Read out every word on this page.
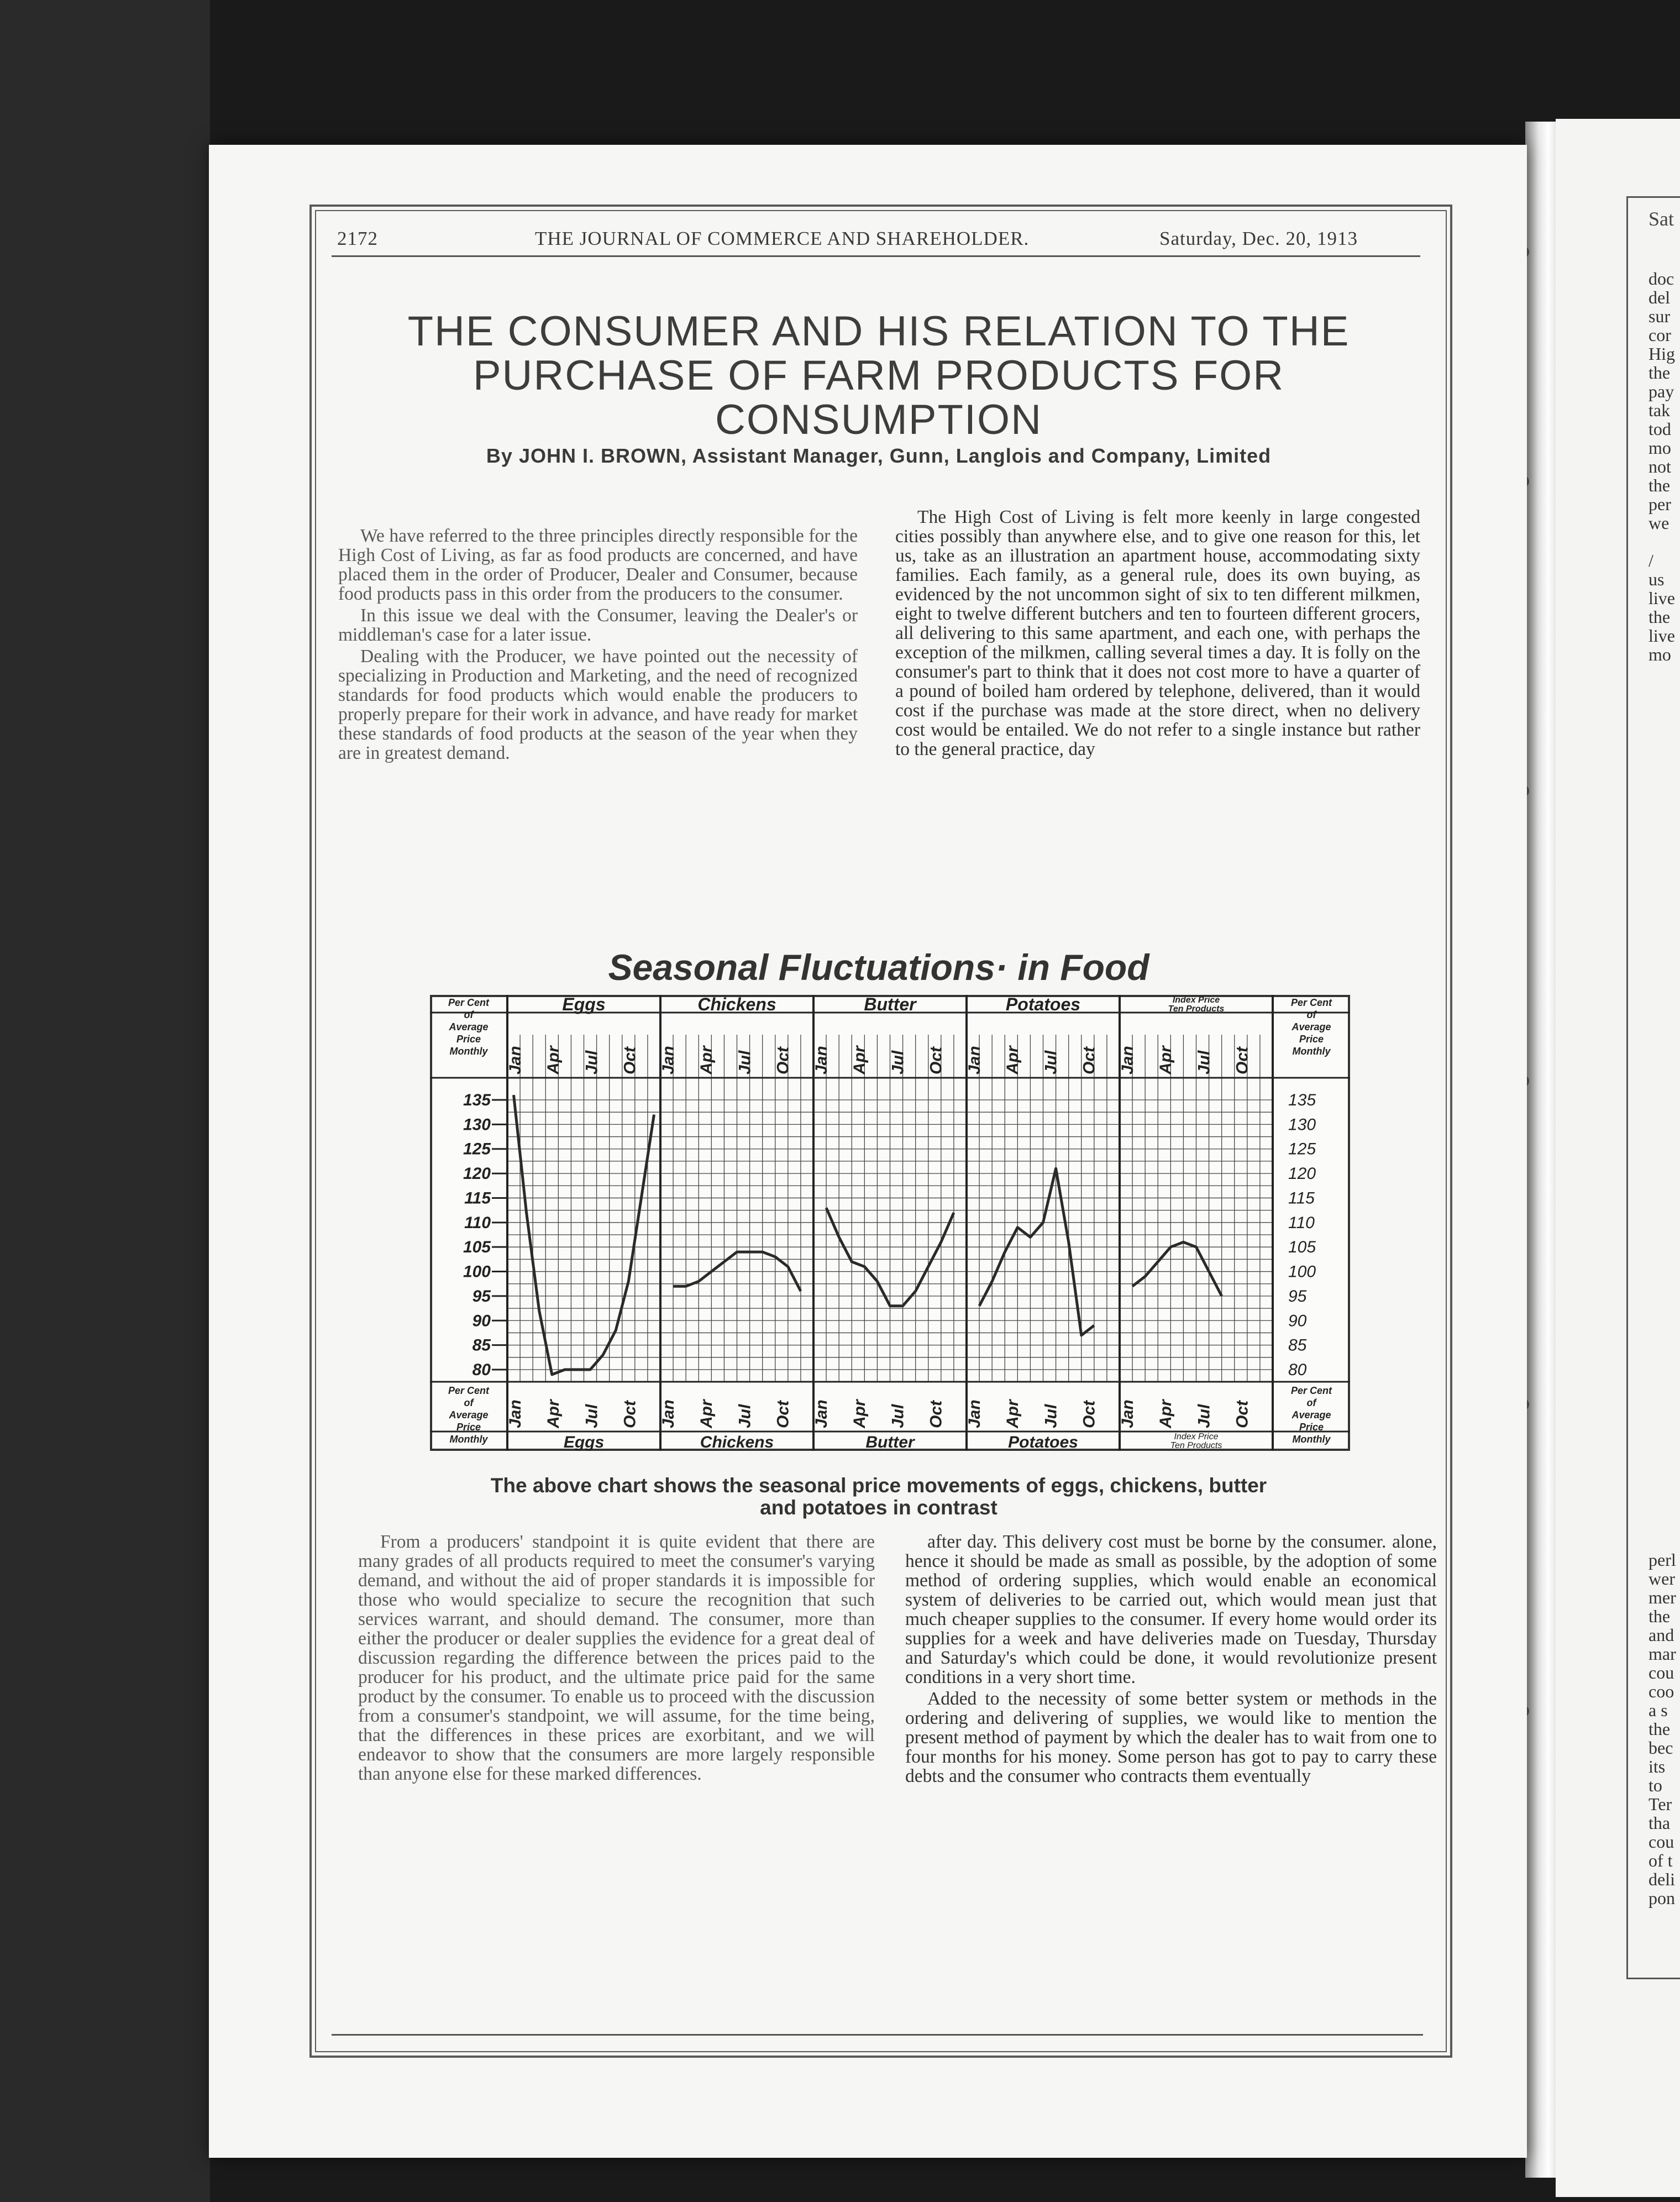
Sat
doc
del
sur
cor
Hig
the
pay
tak
tod
mo
not
the
per
we
/
us
live
the
live
mo
perl
wer
mer
the
and
mar
cou
coo
a s
the
bec
its
to
Ter
tha
cou
of t
deli
pon
2172	THE JOURNAL OF COMMERCE AND SHAREHOLDER.	Saturday, Dec. 20, 1913
THE CONSUMER AND HIS RELATION TO THE
PURCHASE OF FARM PRODUCTS FOR
CONSUMPTION
By JOHN I. BROWN, Assistant Manager, Gunn, Langlois and Company, Limited

We have referred to the three principles directly responsible for the High Cost of Living, as far as food products are concerned, and have placed them in the order of Producer, Dealer and Consumer, because food products pass in this order from the producers to the consumer.

In this issue we deal with the Consumer, leaving the Dealer's or middleman's case for a later issue.

Dealing with the Producer, we have pointed out the necessity of specializing in Production and Marketing, and the need of recognized standards for food products which would enable the producers to properly prepare for their work in advance, and have ready for market these standards of food products at the season of the year when they are in greatest demand.

The High Cost of Living is felt more keenly in large congested cities possibly than anywhere else, and to give one reason for this, let us, take as an illustration an apartment house, accommodating sixty families. Each family, as a general rule, does its own buying, as evidenced by the not uncommon sight of six to ten different milkmen, eight to twelve different butchers and ten to fourteen different grocers, all delivering to this same apartment, and each one, with perhaps the exception of the milkmen, calling several times a day. It is folly on the consumer's part to think that it does not cost more to have a quarter of a pound of boiled ham ordered by telephone, delivered, than it would cost if the purchase was made at the store direct, when no delivery cost would be entailed. We do not refer to a single instance but rather to the general practice, day

Seasonal Fluctuations· in Food
Per Cent	Per Cent
Per Cent	Per Cent
of	of
of	of
Average	Average
Average	Average
Price	Price
Price	Price
Monthly	Monthly
Monthly	Monthly
135	135
130	130
125	125
120	120
115	115
110	110
105	105
100	100
95	95
90	90
85	85
80	80
Eggs
Eggs
Jan
Jan
Apr
Apr
Jul
Jul
Oct
Oct
Chickens
Chickens
Jan
Jan
Apr
Apr
Jul
Jul
Oct
Oct
Butter
Butter
Jan
Jan
Apr
Apr
Jul
Jul
Oct
Oct
Potatoes
Potatoes
Jan
Jan
Apr
Apr
Jul
Jul
Oct
Oct
Index Price
Ten Products
Index Price
Ten Products
Jan
Jan
Apr
Apr
Jul
Jul
Oct
Oct
The above chart shows the seasonal price movements of eggs, chickens, butter
and potatoes in contrast

From a producers' standpoint it is quite evident that there are many grades of all products required to meet the consumer's varying demand, and without the aid of proper standards it is impossible for those who would specialize to secure the recognition that such services warrant, and should demand. The consumer, more than either the producer or dealer supplies the evidence for a great deal of discussion regarding the difference between the prices paid to the producer for his product, and the ultimate price paid for the same product by the consumer. To enable us to proceed with the discussion from a consumer's standpoint, we will assume, for the time being, that the differences in these prices are exorbitant, and we will endeavor to show that the consumers are more largely responsible than anyone else for these marked differences.

after day. This delivery cost must be borne by the consumer. alone, hence it should be made as small as possible, by the adoption of some method of ordering supplies, which would enable an economical system of deliveries to be carried out, which would mean just that much cheaper supplies to the consumer. If every home would order its supplies for a week and have deliveries made on Tuesday, Thursday and Saturday's which could be done, it would revolutionize present conditions in a very short time.

Added to the necessity of some better system or methods in the ordering and delivering of supplies, we would like to mention the present method of payment by which the dealer has to wait from one to four months for his money. Some person has got to pay to carry these debts and the consumer who contracts them eventually
